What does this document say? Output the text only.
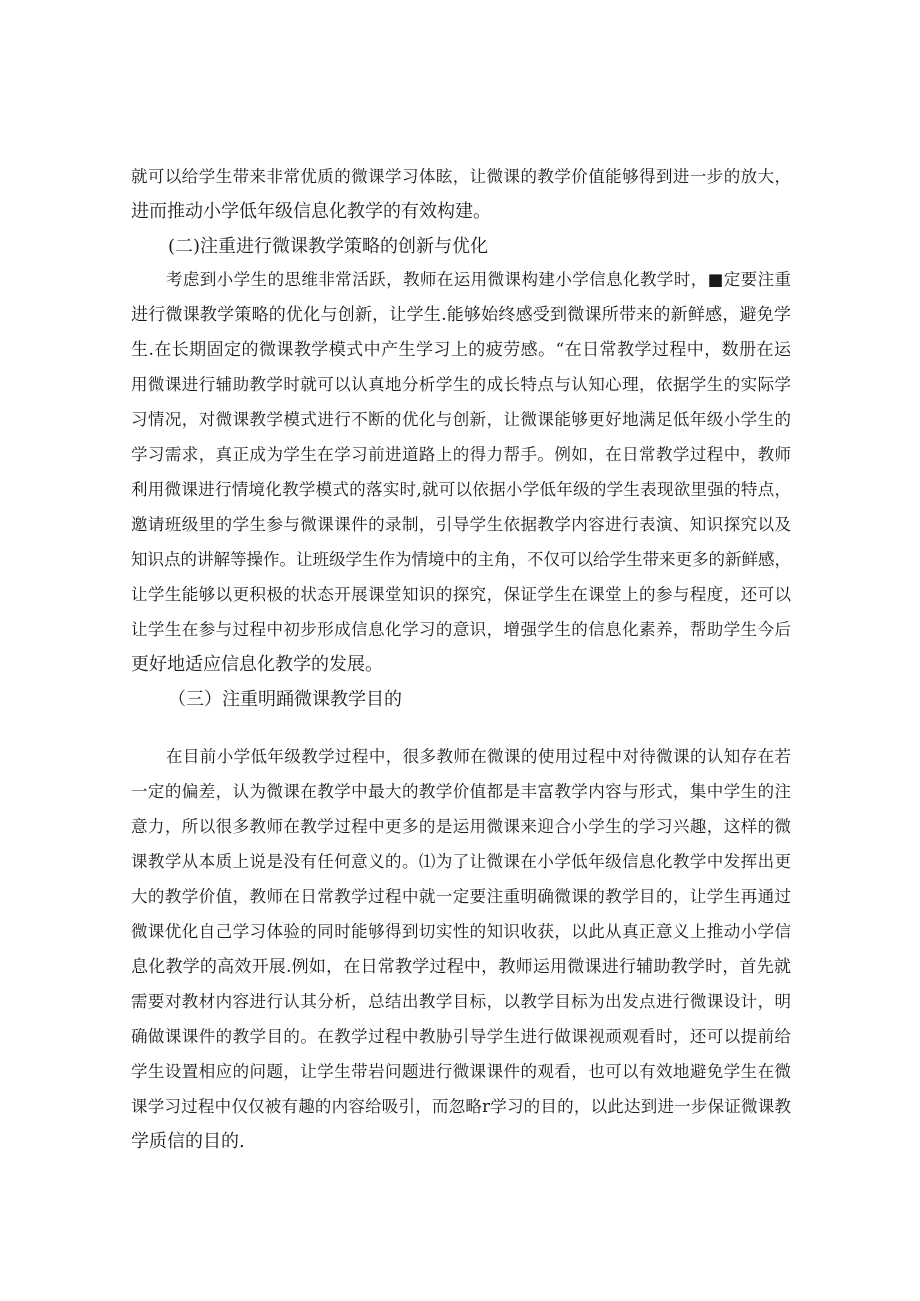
就可以给学生带来非常优质的微课学习体眩，让微课的教学价值能够得到进一步的放大，
进而推动小学低年级信息化教学的有效构建。
(二)注重进行微课教学策略的创新与优化
考虑到小学生的思维非常活跃，教师在运用微课构建小学信息化教学时，■定要注重
进行微课教学策略的优化与创新，让学生.能够始终感受到微课所带来的新鲜感，避免学
生.在长期固定的微课教学模式中产生学习上的疲劳感。“在日常教学过程中，数册在运
用微课进行辅助教学时就可以认真地分析学生的成长特点与认知心理，依据学生的实际学
习情况，对微课教学模式进行不断的优化与创新，让微课能够更好地满足低年级小学生的
学习需求，真正成为学生在学习前进道路上的得力帮手。例如，在日常教学过程中，教师
利用微课进行情境化教学模式的落实时,就可以依据小学低年级的学生表现欲里强的特点，
邀请班级里的学生参与微课课件的录制，引导学生依据教学内容进行表演、知识探究以及
知识点的讲解等操作。让班级学生作为情境中的主角，不仅可以给学生带来更多的新鲜感，
让学生能够以更积极的状态开展课堂知识的探究，保证学生在课堂上的参与程度，还可以
让学生在参与过程中初步形成信息化学习的意识，增强学生的信息化素养，帮助学生今后
更好地适应信息化教学的发展。
（三）注重明踊微课教学目的
在目前小学低年级教学过程中，很多教师在微课的使用过程中对待微课的认知存在若
一定的偏差，认为微课在教学中最大的教学价值都是丰富教学内容与形式，集中学生的注
意力，所以很多教师在教学过程中更多的是运用微课来迎合小学生的学习兴趣，这样的微
课教学从本质上说是没有任何意义的。⑴为了让微课在小学低年级信息化教学中发挥出更
大的教学价值，教师在日常教学过程中就一定要注重明确微课的教学目的，让学生再通过
微课优化自己学习体验的同时能够得到切实性的知识收获，以此从真正意义上推动小学信
息化教学的高效开展.例如，在日常教学过程中，教师运用微课进行辅助教学时，首先就
需要对教材内容进行认其分析，总结出教学目标，以教学目标为出发点进行微课设计，明
确做课课件的教学目的。在教学过程中教胁引导学生进行做课视顽观看时，还可以提前给
学生设置相应的问题，让学生带岩问题进行微课课件的观看，也可以有效地避免学生在微
课学习过程中仅仅被有趣的内容给吸引，而忽略r学习的目的，以此达到进一步保证微课教
学质信的目的.
